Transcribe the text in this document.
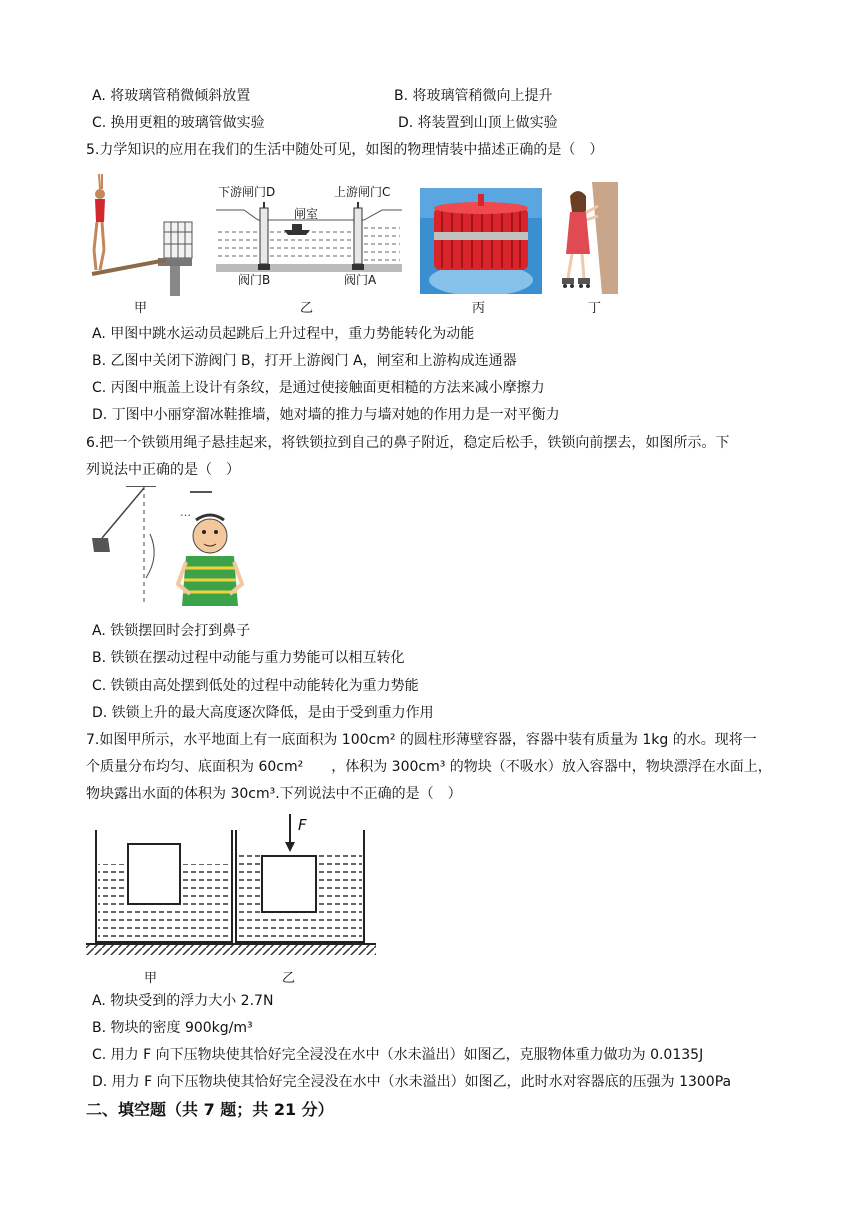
A. 将玻璃管稍微倾斜放置	B. 将玻璃管稍微向上提升
C. 换用更粗的玻璃管做实验	D. 将装置到山顶上做实验
5.力学知识的应用在我们的生活中随处可见，如图的物理情装中描述正确的是（　）
甲
下游闸门D	上游闸门C
闸室
阀门B	阀门A
乙	丙	丁
A. 甲图中跳水运动员起跳后上升过程中，重力势能转化为动能
B. 乙图中关闭下游阀门 B，打开上游阀门 A，闸室和上游构成连通器
C. 丙图中瓶盖上设计有条纹，是通过使接触面更相糙的方法来减小摩擦力
D. 丁图中小丽穿溜冰鞋推墙，她对墙的推力与墙对她的作用力是一对平衡力
6.把一个铁锁用绳子悬挂起来，将铁锁拉到自己的鼻子附近，稳定后松手，铁锁向前摆去，如图所示。下
列说法中正确的是（　）
…
A. 铁锁摆回时会打到鼻子
B. 铁锁在摆动过程中动能与重力势能可以相互转化
C. 铁锁由高处摆到低处的过程中动能转化为重力势能
D. 铁锁上升的最大高度逐次降低，是由于受到重力作用
7.如图甲所示，水平地面上有一底面积为 100cm² 的圆柱形薄壁容器，容器中装有质量为 1kg 的水。现将一
个质量分布均匀、底面积为 60cm²　　，体积为 300cm³ 的物块（不吸水）放入容器中，物块漂浮在水面上，
物块露出水面的体积为 30cm³.下列说法中不正确的是（　）
F
甲	乙
A. 物块受到的浮力大小 2.7N
B. 物块的密度 900kg/m³
C. 用力 F 向下压物块使其恰好完全浸没在水中（水未溢出）如图乙，克服物体重力做功为 0.0135J
D. 用力 F 向下压物块使其恰好完全浸没在水中（水未溢出）如图乙，此时水对容器底的压强为 1300Pa
二、填空题（共 7 题；共 21 分）
